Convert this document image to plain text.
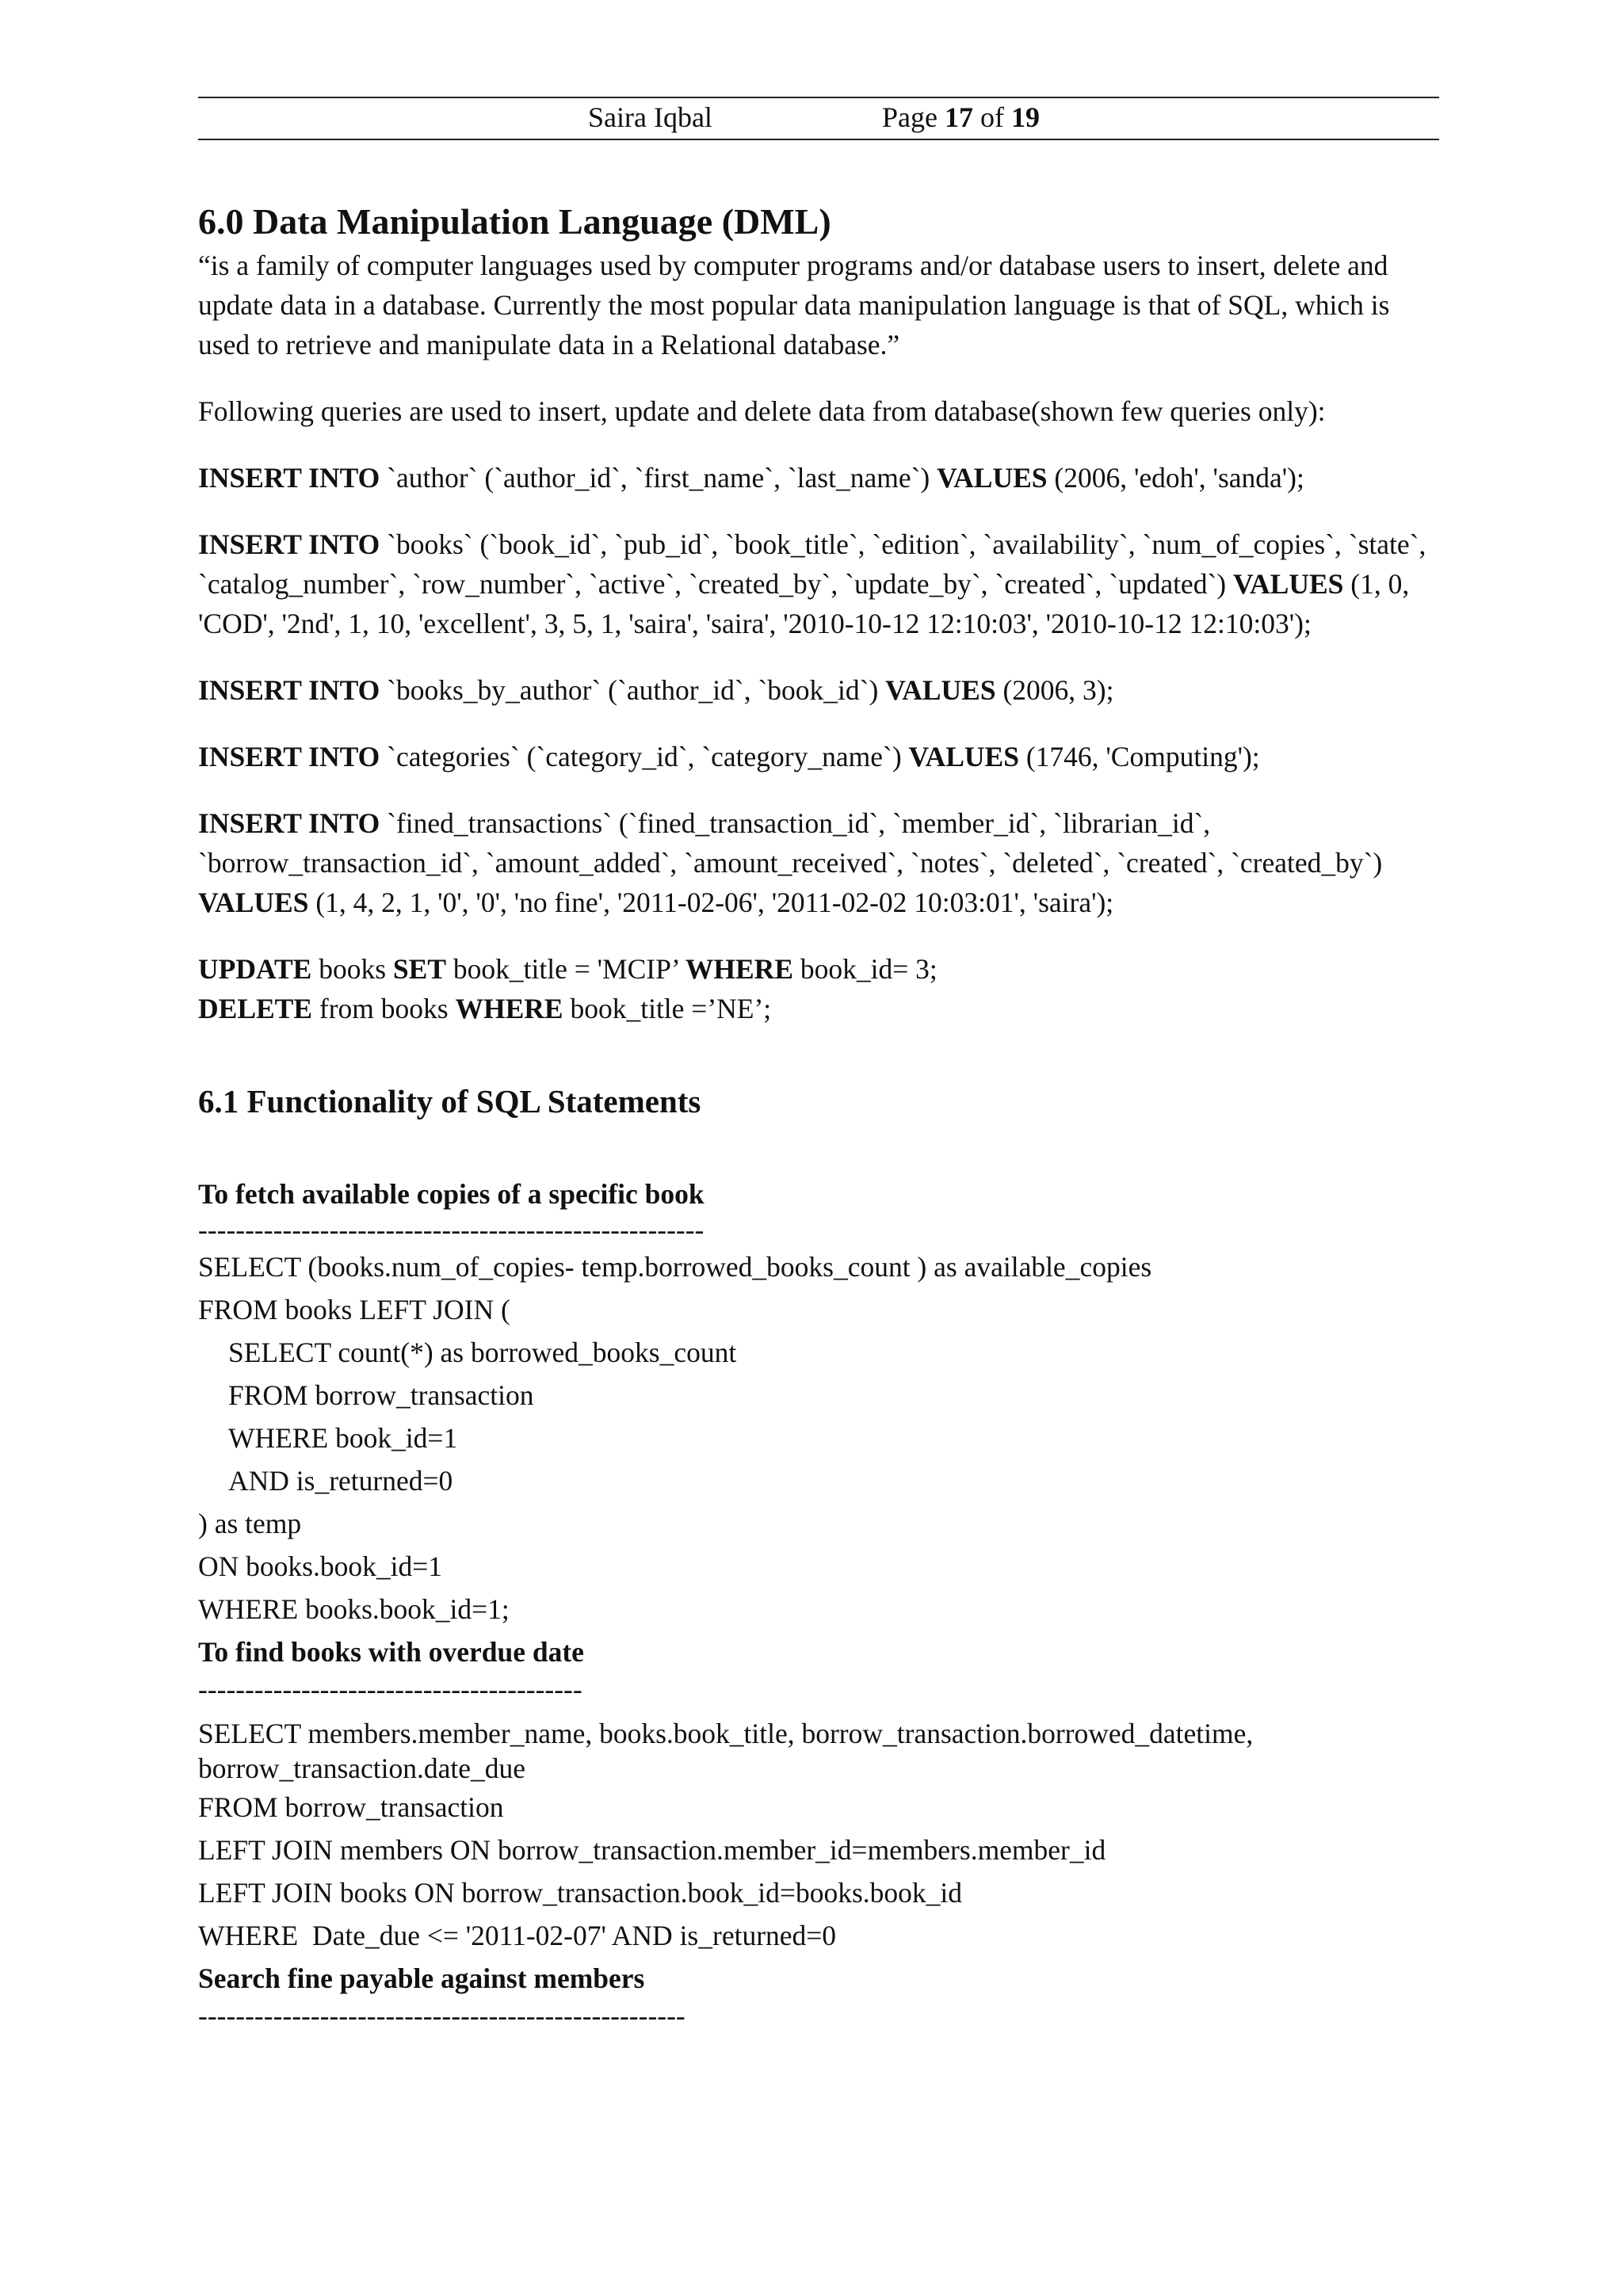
Saira Iqbal	Page 17 of 19
6.0 Data Manipulation Language (DML)

“is a family of computer languages used by computer programs and/or database users to insert, delete and update data in a database. Currently the most popular data manipulation language is that of SQL, which is used to retrieve and manipulate data in a Relational database.”

Following queries are used to insert, update and delete data from database(shown few queries only):

INSERT INTO `author` (`author_id`, `first_name`, `last_name`) VALUES (2006, 'edoh', 'sanda');

INSERT INTO `books` (`book_id`, `pub_id`, `book_title`, `edition`, `availability`, `num_of_copies`, `state`, `catalog_number`, `row_number`, `active`, `created_by`, `update_by`, `created`, `updated`) VALUES (1, 0, 'COD', '2nd', 1, 10, 'excellent', 3, 5, 1, 'saira', 'saira', '2010-10-12 12:10:03', '2010-10-12 12:10:03');

INSERT INTO `books_by_author` (`author_id`, `book_id`) VALUES (2006, 3);

INSERT INTO `categories` (`category_id`, `category_name`) VALUES (1746, 'Computing');

INSERT INTO `fined_transactions` (`fined_transaction_id`, `member_id`, `librarian_id`, `borrow_transaction_id`, `amount_added`, `amount_received`, `notes`, `deleted`, `created`, `created_by`) VALUES (1, 4, 2, 1, '0', '0', 'no fine', '2011-02-06', '2011-02-02 10:03:01', 'saira');

UPDATE books SET book_title = 'MCIP’ WHERE book_id= 3;

DELETE from books WHERE book_title =’NE’;

6.1 Functionality of SQL Statements

To fetch available copies of a specific book

------------------------------------------------------

SELECT (books.num_of_copies- temp.borrowed_books_count ) as available_copies

FROM books LEFT JOIN (

SELECT count(*) as borrowed_books_count

FROM borrow_transaction

WHERE book_id=1

AND is_returned=0

) as temp

ON books.book_id=1

WHERE books.book_id=1;

To find books with overdue date

-----------------------------------------

SELECT members.member_name, books.book_title, borrow_transaction.borrowed_datetime,

borrow_transaction.date_due

FROM borrow_transaction

LEFT JOIN members ON borrow_transaction.member_id=members.member_id

LEFT JOIN books ON borrow_transaction.book_id=books.book_id

WHERE  Date_due <= '2011-02-07' AND is_returned=0

Search fine payable against members

----------------------------------------------------
